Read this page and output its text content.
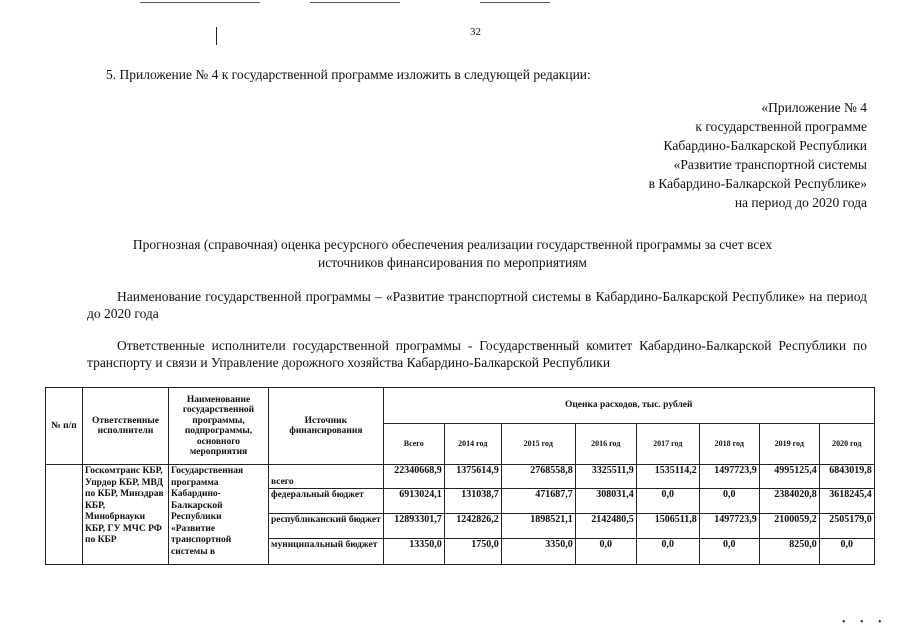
32
5. Приложение № 4 к государственной программе изложить в следующей редакции:
«Приложение № 4
к государственной программе
Кабардино-Балкарской Республики
«Развитие транспортной системы
в Кабардино-Балкарской Республике»
на период до 2020 года
Прогнозная (справочная) оценка ресурсного обеспечения реализации государственной программы за счет всех
источников финансирования по мероприятиям
Наименование государственной программы – «Развитие транспортной системы в Кабардино-Балкарской Республике» на период до 2020 года
Ответственные исполнители государственной программы - Государственный комитет Кабардино-Балкарской Республики по транспорту и связи и Управление дорожного хозяйства Кабардино-Балкарской Республики
№ п/п	Ответственные исполнители	Наименование государственной программы, подпрограммы, основного мероприятия	Источник финансирования	Оценка расходов, тыс. рублей							
				Всего	2014 год	2015 год	2016 год	2017 год	2018 год	2019 год	2020 год
	Госкомтранс КБР, Упрдор КБР, МВД по КБР, Минздрав КБР, Минобрнауки КБР, ГУ МЧС РФ по КБР	Государственная программа Кабардино-Балкарской Республики «Развитие транспортной системы в	всего	22340668,9	1375614,9	2768558,8	3325511,9	1535114,2	1497723,9	4995125,4	6843019,8
			федеральный бюджет	6913024,1	131038,7	471687,7	308031,4	0,0	0,0	2384020,8	3618245,4
			республиканский бюджет	12893301,7	1242826,2	1898521,1	2142480,5	1506511,8	1497723,9	2100059,2	2505179,0
			муниципальный бюджет	13350,0	1750,0	3350,0	0,0	0,0	0,0	8250,0	0,0
• • •
